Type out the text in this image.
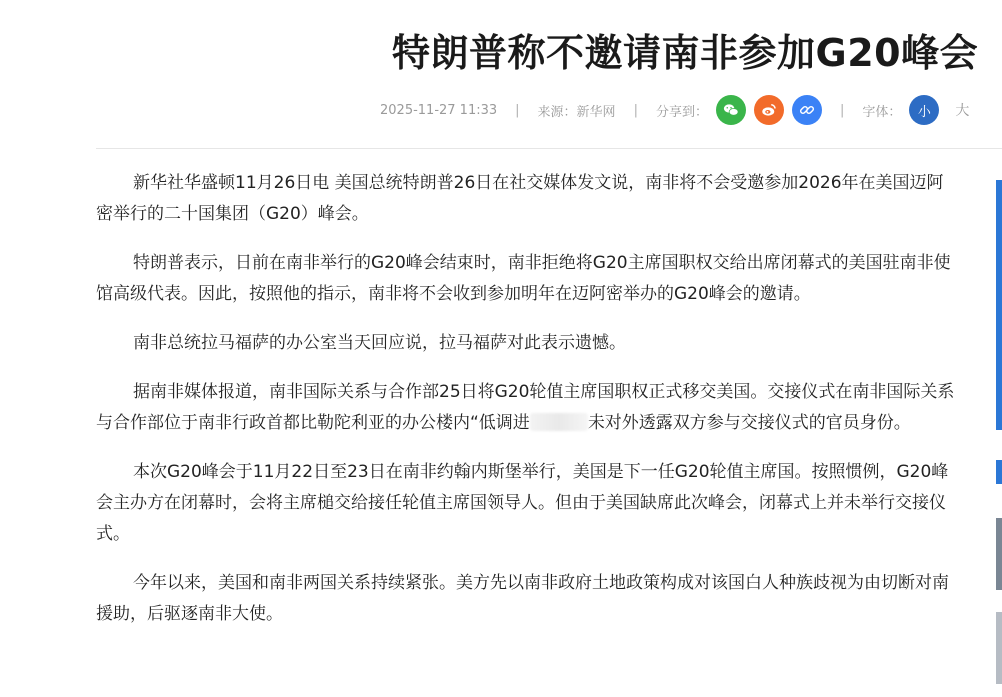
特朗普称不邀请南非参加G20峰会
2025-11-27 11:33 | 来源：新华网 | 分享到：	| 字体：	小	大

新华社华盛顿11月26日电 美国总统特朗普26日在社交媒体发文说，南非将不会受邀参加2026年在美国迈阿密举行的二十国集团（G20）峰会。

特朗普表示，日前在南非举行的G20峰会结束时，南非拒绝将G20主席国职权交给出席闭幕式的美国驻南非使馆高级代表。因此，按照他的指示，南非将不会收到参加明年在迈阿密举办的G20峰会的邀请。

南非总统拉马福萨的办公室当天回应说，拉马福萨对此表示遗憾。

据南非媒体报道，南非国际关系与合作部25日将G20轮值主席国职权正式移交美国。交接仪式在南非国际关系与合作部位于南非行政首都比勒陀利亚的办公楼内“低调进	未对外透露双方参与交接仪式的官员身份。

本次G20峰会于11月22日至23日在南非约翰内斯堡举行，美国是下一任G20轮值主席国。按照惯例，G20峰会主办方在闭幕时，会将主席槌交给接任轮值主席国领导人。但由于美国缺席此次峰会，闭幕式上并未举行交接仪式。

今年以来，美国和南非两国关系持续紧张。美方先以南非政府土地政策构成对该国白人种族歧视为由切断对南援助，后驱逐南非大使。
